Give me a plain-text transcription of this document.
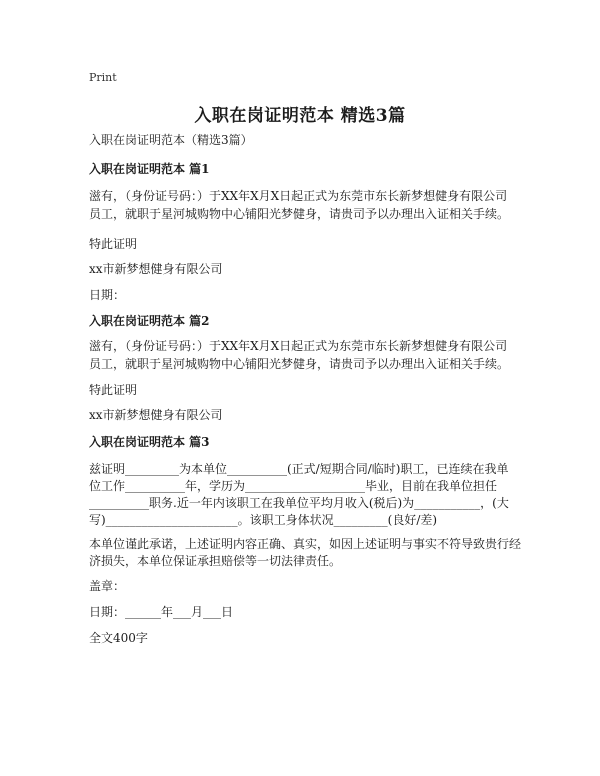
Print
入职在岗证明范本 精选3篇
入职在岗证明范本（精选3篇）
入职在岗证明范本 篇1
滋有，（身份证号码：）于XX年X月X日起正式为东莞市东长新梦想健身有限公司
员工，就职于星河城购物中心铺阳光梦健身，请贵司予以办理出入证相关手续。
特此证明
xx市新梦想健身有限公司
日期：
入职在岗证明范本 篇2
滋有，（身份证号码：）于XX年X月X日起正式为东莞市东长新梦想健身有限公司
员工，就职于星河城购物中心铺阳光梦健身，请贵司予以办理出入证相关手续。
特此证明
xx市新梦想健身有限公司
入职在岗证明范本 篇3
兹证明_________为本单位__________(正式/短期合同/临时)职工，已连续在我单
位工作__________年，学历为____________________毕业，目前在我单位担任
__________职务.近一年内该职工在我单位平均月收入(税后)为___________，(大
写)______________________。该职工身体状况_________(良好/差)
本单位谨此承诺，上述证明内容正确、真实，如因上述证明与事实不符导致贵行经
济损失，本单位保证承担赔偿等一切法律责任。
盖章：
日期：______年___月___日
全文400字
